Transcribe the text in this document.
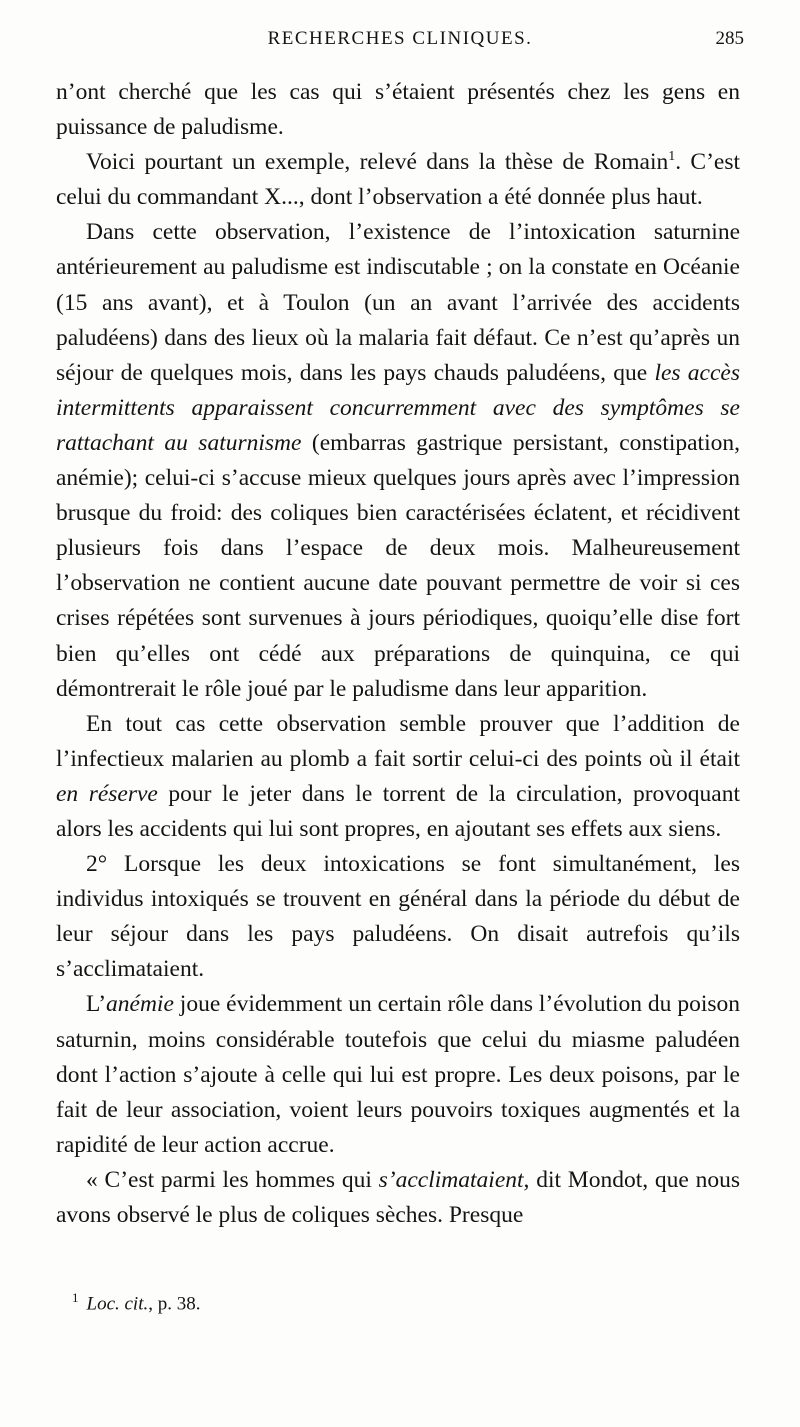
RECHERCHES CLINIQUES.	285

n’ont cherché que les cas qui s’étaient présentés chez les gens en puissance de paludisme.

Voici pourtant un exemple, relevé dans la thèse de Romain$^1$. C’est celui du commandant X..., dont l’observation a été donnée plus haut.

Dans cette observation, l’existence de l’intoxication saturnine antérieurement au paludisme est indiscutable ; on la constate en Océanie (15 ans avant), et à Toulon (un an avant l’arrivée des accidents paludéens) dans des lieux où la malaria fait défaut. Ce n’est qu’après un séjour de quelques mois, dans les pays chauds paludéens, que les accès intermittents apparaissent concurremment avec des symptômes se rattachant au saturnisme (embarras gastrique persistant, constipation, anémie); celui-ci s’accuse mieux quelques jours après avec l’impression brusque du froid: des coliques bien caractérisées éclatent, et récidivent plusieurs fois dans l’espace de deux mois. Malheureusement l’observation ne contient aucune date pouvant permettre de voir si ces crises répétées sont survenues à jours périodiques, quoiqu’elle dise fort bien qu’elles ont cédé aux préparations de quinquina, ce qui démontrerait le rôle joué par le paludisme dans leur apparition.

En tout cas cette observation semble prouver que l’addition de l’infectieux malarien au plomb a fait sortir celui-ci des points où il était en réserve pour le jeter dans le torrent de la circulation, provoquant alors les accidents qui lui sont propres, en ajoutant ses effets aux siens.

2° Lorsque les deux intoxications se font simultanément, les individus intoxiqués se trouvent en général dans la période du début de leur séjour dans les pays paludéens. On disait autrefois qu’ils s’acclimataient.

L’anémie joue évidemment un certain rôle dans l’évolution du poison saturnin, moins considérable toutefois que celui du miasme paludéen dont l’action s’ajoute à celle qui lui est propre. Les deux poisons, par le fait de leur association, voient leurs pouvoirs toxiques augmentés et la rapidité de leur action accrue.

« C’est parmi les hommes qui s’acclimataient, dit Mondot, que nous avons observé le plus de coliques sèches. Presque

$^1$ Loc. cit., p. 38.
